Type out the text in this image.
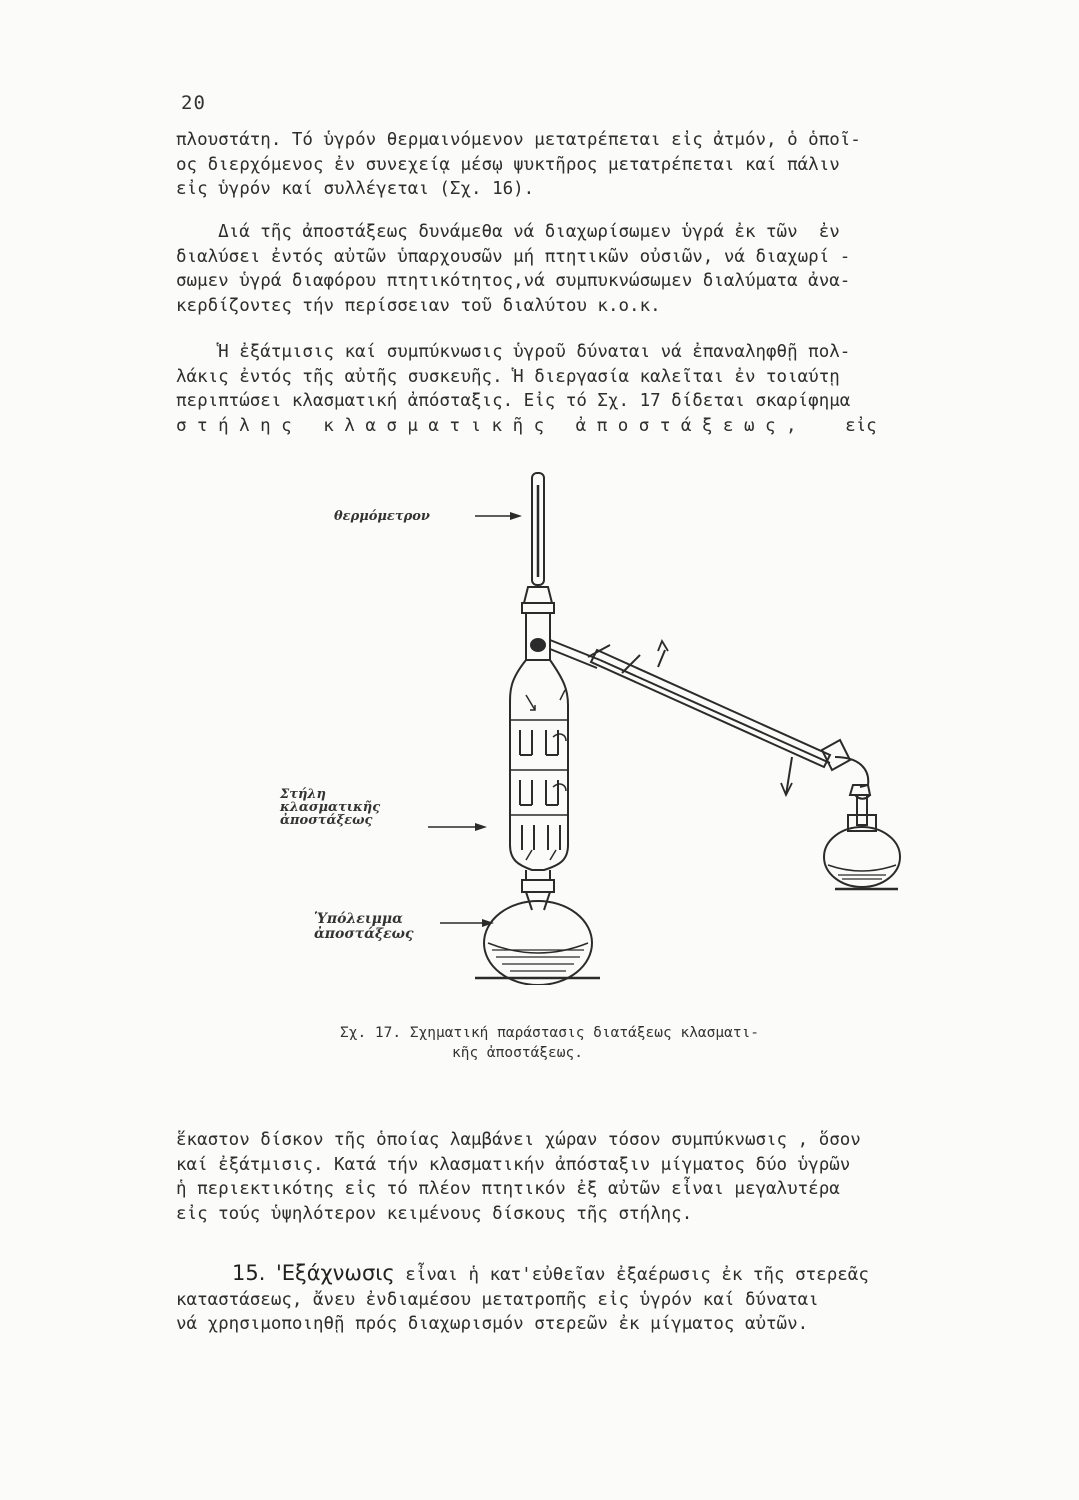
20
πλουστάτη. Τό ὑγρόν θερμαινόμενον μετατρέπεται εἰς ἀτμόν, ὁ ὁποῖ-
ος διερχόμενος ἐν συνεχείᾳ μέσῳ ψυκτῆρος μετατρέπεται καί πάλιν
εἰς ὑγρόν καί συλλέγεται (Σχ. 16).
Διά τῆς ἀποστάξεως δυνάμεθα νά διαχωρίσωμεν ὑγρά ἐκ τῶν  ἐν
διαλύσει ἐντός αὐτῶν ὑπαρχουσῶν μή πτητικῶν οὐσιῶν, νά διαχωρί -
σωμεν ὑγρά διαφόρου πτητικότητος,νά συμπυκνώσωμεν διαλύματα ἀνα-
κερδίζοντες τήν περίσσειαν τοῦ διαλύτου κ.ο.κ.
Ἡ ἐξάτμισις καί συμπύκνωσις ὑγροῦ δύναται νά ἐπαναληφθῇ πολ-
λάκις ἐντός τῆς αὐτῆς συσκευῆς. Ἡ διεργασία καλεῖται ἐν τοιαύτῃ
περιπτώσει κλασματική ἀπόσταξις. Εἰς τό Σχ. 17 δίδεται σκαρίφημα
στήλης κλασματικῆς ἀποστάξεως, εἰς
θερμόμετρον
Στήλη
κλασματικῆς
ἀποστάξεως
Ὑπόλειμμα
ἀποστάξεως
Σχ. 17. Σχηματική παράστασις διατάξεως κλασματι-
κῆς ἀποστάξεως.
ἕκαστον δίσκον τῆς ὁποίας λαμβάνει χώραν τόσον συμπύκνωσις , ὅσον
καί ἐξάτμισις. Κατά τήν κλασματικήν ἀπόσταξιν μίγματος δύο ὑγρῶν
ἡ περιεκτικότης εἰς τό πλέον πτητικόν ἐξ αὐτῶν εἶναι μεγαλυτέρα
εἰς τούς ὑψηλότερον κειμένους δίσκους τῆς στήλης.
15. 'Εξάχνωσις εἶναι ἡ κατ'εὐθεῖαν ἐξαέρωσις ἐκ τῆς στερεᾶς
καταστάσεως, ἄνευ ἐνδιαμέσου μετατροπῆς εἰς ὑγρόν καί δύναται
νά χρησιμοποιηθῇ πρός διαχωρισμόν στερεῶν ἐκ μίγματος αὐτῶν.
